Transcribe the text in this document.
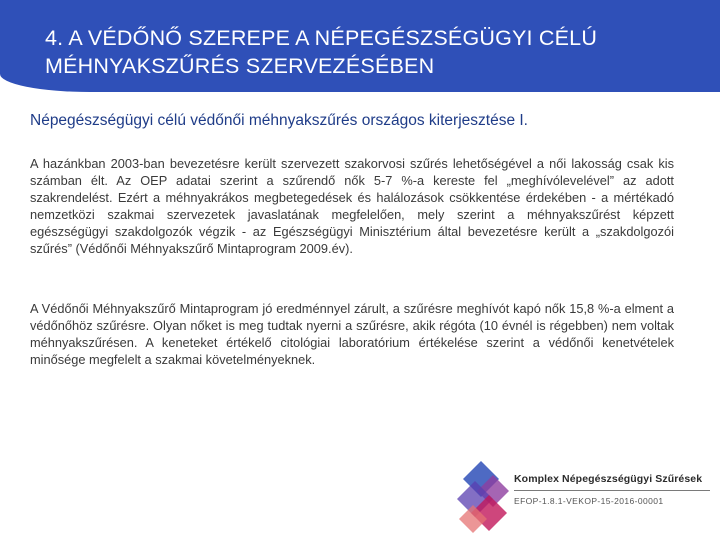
4. A VÉDŐNŐ SZEREPE A NÉPEGÉSZSÉGÜGYI CÉLÚ
MÉHNYAKSZŰRÉS SZERVEZÉSÉBEN
Népegészségügyi célú védőnői méhnyakszűrés országos kiterjesztése I.

A hazánkban 2003-ban bevezetésre került szervezett szakorvosi szűrés lehetőségével a női lakosság csak kis számban élt. Az OEP adatai szerint a szűrendő nők 5-7 %-a kereste fel „meghívólevelével” az adott szakrendelést. Ezért a méhnyakrákos megbetegedések és halálozások csökkentése érdekében - a mértékadó nemzetközi szakmai szervezetek javaslatának megfelelően, mely szerint a méhnyakszűrést képzett egészségügyi szakdolgozók végzik - az Egészségügyi Minisztérium által bevezetésre került a „szakdolgozói szűrés” (Védőnői Méhnyakszűrő Mintaprogram 2009.év).

A Védőnői Méhnyakszűrő Mintaprogram jó eredménnyel zárult, a szűrésre meghívót kapó nők 15,8 %-a elment a védőnőhöz szűrésre. Olyan nőket is meg tudtak nyerni a szűrésre, akik régóta (10 évnél is régebben) nem voltak méhnyakszűrésen. A keneteket értékelő citológiai laboratórium értékelése szerint a védőnői kenetvételek minősége megfelelt a szakmai követelményeknek.

Komplex Népegészségügyi Szűrések
EFOP-1.8.1-VEKOP-15-2016-00001
